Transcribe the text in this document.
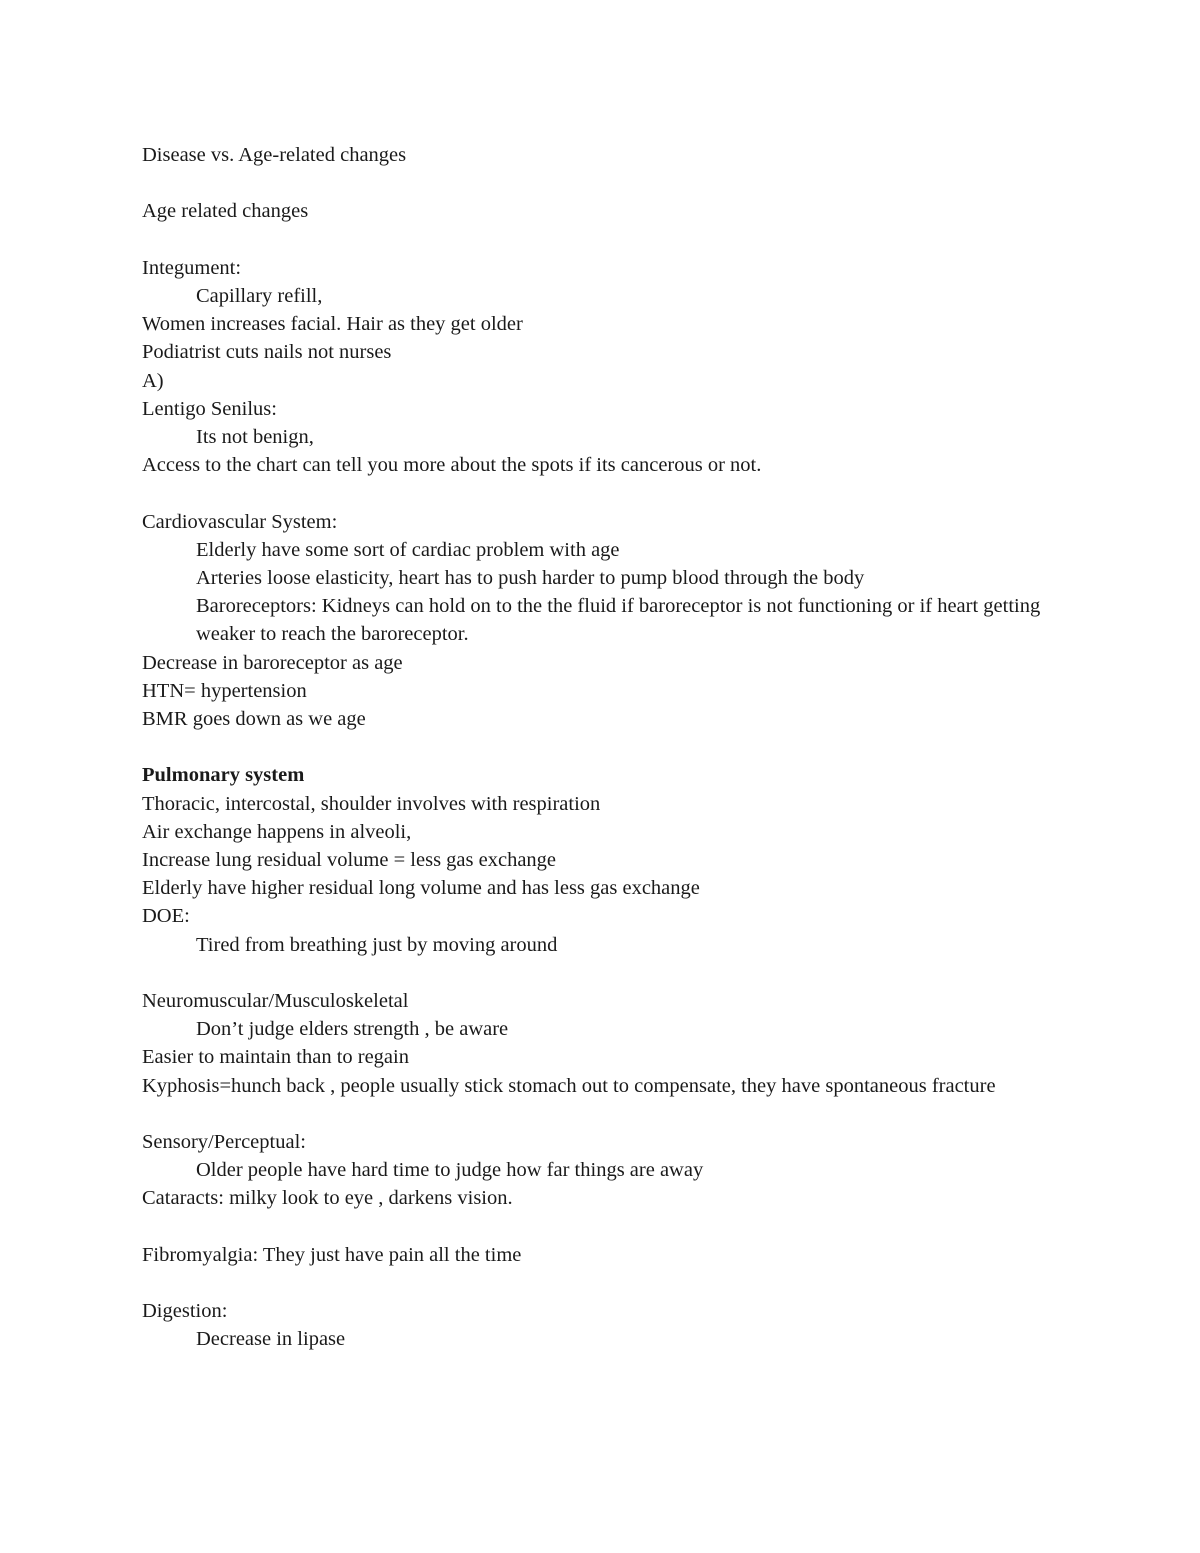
Disease vs. Age-related changes
Age related changes
Integument:
Capillary refill,
Women increases facial. Hair as they get older
Podiatrist cuts nails not nurses
A)
Lentigo Senilus:
Its not benign,
Access to the chart can tell you more about the spots if its cancerous or not.
Cardiovascular System:
Elderly have some sort of cardiac problem with age
Arteries loose elasticity, heart has to push harder to pump blood through the body
Baroreceptors: Kidneys can hold on to the the fluid if baroreceptor is not functioning or if heart getting weaker to reach the baroreceptor.
Decrease in baroreceptor as age
HTN= hypertension
BMR goes down as we age
Pulmonary system
Thoracic, intercostal, shoulder involves with respiration
Air exchange happens in alveoli,
Increase lung residual volume = less gas exchange
Elderly have higher residual long volume and has less gas exchange
DOE:
Tired from breathing just by moving around
Neuromuscular/Musculoskeletal
Don’t judge elders strength , be aware
Easier to maintain than to regain
Kyphosis=hunch back , people usually stick stomach out to compensate, they have spontaneous fracture
Sensory/Perceptual:
Older people have hard time to judge how far things are away
Cataracts: milky look to eye , darkens vision.
Fibromyalgia: They just have pain all the time
Digestion:
Decrease in lipase
